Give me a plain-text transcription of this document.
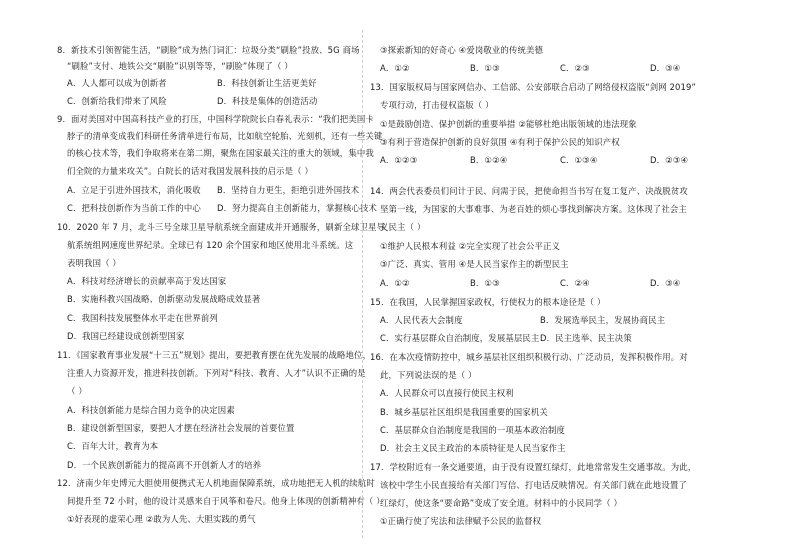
8．新技术引领智能生活，“刷脸”成为热门词汇：垃圾分类“刷脸”投放、5G 商场
“刷脸”支付、地铁公交“刷脸”识别等等，“刷脸”体现了（ ）
A．人人都可以成为创新者	B．科技创新让生活更美好
C．创新给我们带来了风险	D．科技是集体的创造活动
9．面对美国对中国高科技产业的打压，中国科学院院长白春礼表示：“我们把美国卡
脖子的清单变成我们科研任务清单进行布局，比如航空轮胎、光刻机，还有一些关键
的核心技术等，我们争取将来在第二期，聚焦在国家最关注的重大的领域，集中我
们全院的力量来攻关”。白院长的话对我国发展科技的启示是（ ）
A．立足于引进外国技术，消化吸收 B．坚持自力更生，拒绝引进外国技术
C．把科技创新作为当前工作的中心 D．努力提高自主创新能力，掌握核心技术
10．2020 年 7 月，北斗三号全球卫星导航系统全面建成并开通服务，刷新全球卫星导
航系统组网速度世界纪录。全球已有 120 余个国家和地区使用北斗系统。这
表明我国（ ）
A．科技对经济增长的贡献率高于发达国家
B．实施科教兴国战略、创新驱动发展战略成效显著
C．我国科技发展整体水平走在世界前列
D．我国已经建设成创新型国家
11．《国家教育事业发展“十三五”规划》提出，要把教育摆在优先发展的战略地位，
注重人力资源开发，推进科技创新。下列对“科技、教育、人才”认识不正确的是
（ ）
A．科技创新能力是综合国力竞争的决定因素
B．建设创新型国家，要把人才摆在经济社会发展的首要位置
C．百年大计，教育为本
D．一个民族创新能力的提高离不开创新人才的培养
12．济南少年史博元大胆使用便携式无人机地面保障系统，成功地把无人机的续航时
间提升至 72 小时，他的设计灵感来自于风筝和卷尺。他身上体现的创新精神有（ ）
①好表现的虚荣心理 ②敢为人先、大胆实践的勇气
③探索新知的好奇心 ④爱岗敬业的传统美德
A．①②	B．①③	C．②③	D．③④
13．国家版权局与国家网信办、工信部、公安部联合启动了网络侵权盗版“剑网 2019”
专项行动，打击侵权盗版（ ）
①是鼓励创造、保护创新的重要举措 ②能够杜绝出版领域的违法现象
③有利于营造保护创新的良好氛围 ④有利于保护公民的知识产权
A．①②③	B．①②④	C．①③④	D．②③④
14．两会代表委员们问计于民、问需于民，把使命担当书写在复工复产、决战脱贫攻
坚第一线，为国家的大事难事、为老百姓的烦心事找到解决方案。这体现了社会主
义民主（ ）
①维护人民根本利益 ②完全实现了社会公平正义
③广泛、真实、管用 ④是人民当家作主的新型民主
A．①②	B．①③	C．②④	D．③④
15．在我国，人民掌握国家政权，行使权力的根本途径是（ ）
A．人民代表大会制度	B．发展选举民主，发展协商民主
C．实行基层群众自治制度，发展基层民主 D．民主选举、民主决策
16．在本次疫情防控中，城乡基层社区组织积极行动、广泛动员，发挥积极作用。对
此，下列说法误的是（ ）
A．人民群众可以直接行使民主权利
B．城乡基层社区组织是我国重要的国家机关
C．基层群众自治制度是我国的一项基本政治制度
D．社会主义民主政治的本质特征是人民当家作主
17．学校附近有一条交通要道，由于没有设置红绿灯，此地常常发生交通事故。为此，
该校中学生小民直接给有关部门写信、打电话反映情况。有关部门就在此地设置了
红绿灯，使这条“要命路”变成了安全道。材料中的小民同学（ ）
①正确行使了宪法和法律赋予公民的监督权
